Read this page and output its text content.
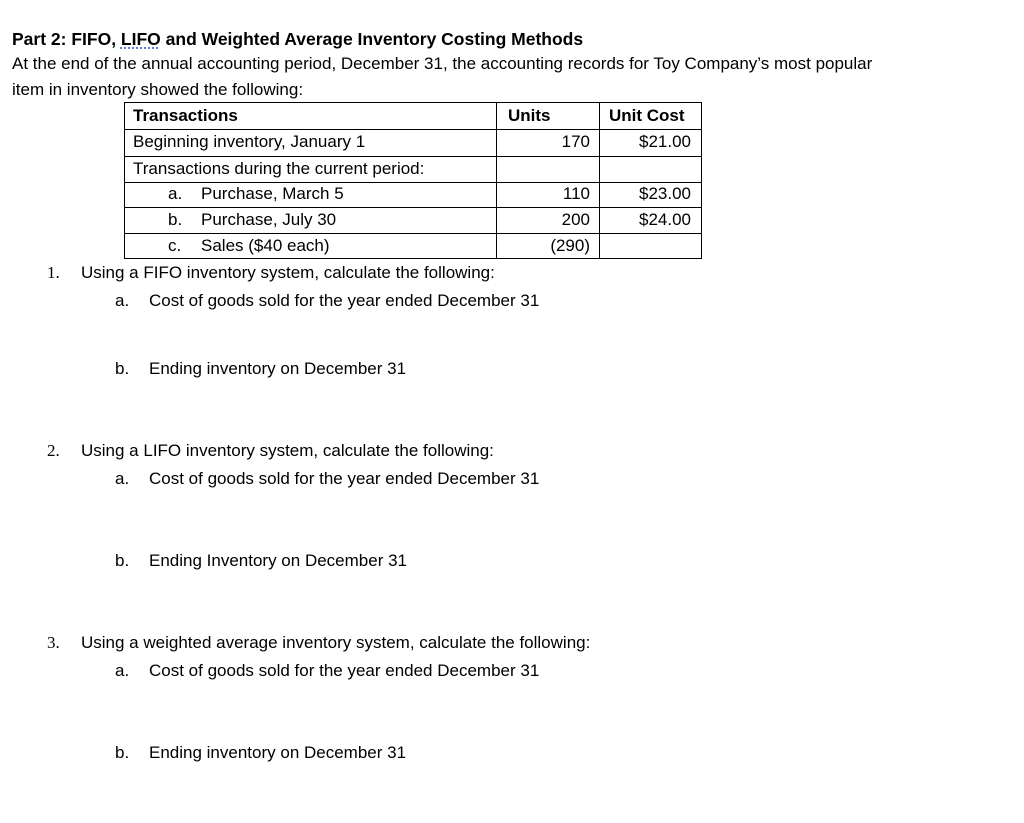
Part 2: FIFO, LIFO and Weighted Average Inventory Costing Methods
At the end of the annual accounting period, December 31, the accounting records for Toy Company’s most popular
item in inventory showed the following:
Transactions	Units	Unit Cost
Beginning inventory, January 1	170	$21.00
Transactions during the current period:
a. Purchase, March 5	110	$23.00
b. Purchase, July 30	200	$24.00
c. Sales ($40 each)	(290)
1. Using a FIFO inventory system, calculate the following:
a. Cost of goods sold for the year ended December 31
b. Ending inventory on December 31
2. Using a LIFO inventory system, calculate the following:
a. Cost of goods sold for the year ended December 31
b. Ending Inventory on December 31
3. Using a weighted average inventory system, calculate the following:
a. Cost of goods sold for the year ended December 31
b. Ending inventory on December 31
